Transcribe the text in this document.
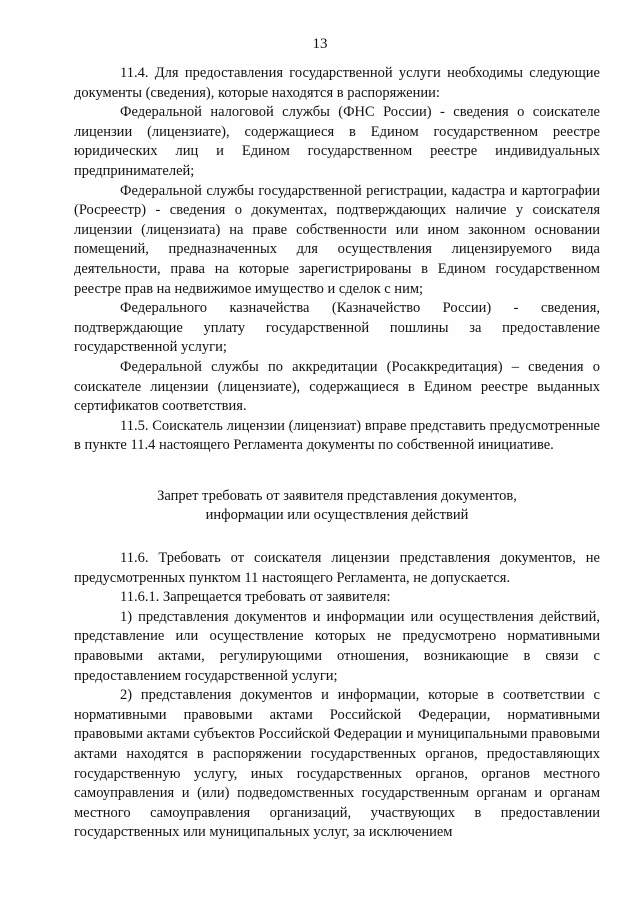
13

11.4. Для предоставления государственной услуги необходимы следующие документы (сведения), которые находятся в распоряжении:

Федеральной налоговой службы (ФНС России) - сведения о соискателе лицензии (лицензиате), содержащиеся в Едином государственном реестре юридических лиц и Едином государственном реестре индивидуальных предпринимателей;

Федеральной службы государственной регистрации, кадастра и картографии (Росреестр) - сведения о документах, подтверждающих наличие у соискателя лицензии (лицензиата) на праве собственности или ином законном основании помещений, предназначенных для осуществления лицензируемого вида деятельности, права на которые зарегистрированы в Едином государственном реестре прав на недвижимое имущество и сделок с ним;

Федерального казначейства (Казначейство России) - сведения, подтверждающие уплату государственной пошлины за предоставление государственной услуги;

Федеральной службы по аккредитации (Росаккредитация) – сведения о соискателе лицензии (лицензиате), содержащиеся в Едином реестре выданных сертификатов соответствия.

11.5. Соискатель лицензии (лицензиат) вправе представить предусмотренные в пункте 11.4 настоящего Регламента документы по собственной инициативе.

Запрет требовать от заявителя представления документов,
информации или осуществления действий

11.6. Требовать от соискателя лицензии представления документов, не предусмотренных пунктом 11 настоящего Регламента, не допускается.

11.6.1. Запрещается требовать от заявителя:

1) представления документов и информации или осуществления действий, представление или осуществление которых не предусмотрено нормативными правовыми актами, регулирующими отношения, возникающие в связи с предоставлением государственной услуги;

2) представления документов и информации, которые в соответствии с нормативными правовыми актами Российской Федерации, нормативными правовыми актами субъектов Российской Федерации и муниципальными правовыми актами находятся в распоряжении государственных органов, предоставляющих государственную услугу, иных государственных органов, органов местного самоуправления и (или) подведомственных государственным органам и органам местного самоуправления организаций, участвующих в предоставлении государственных или муниципальных услуг, за исключением
